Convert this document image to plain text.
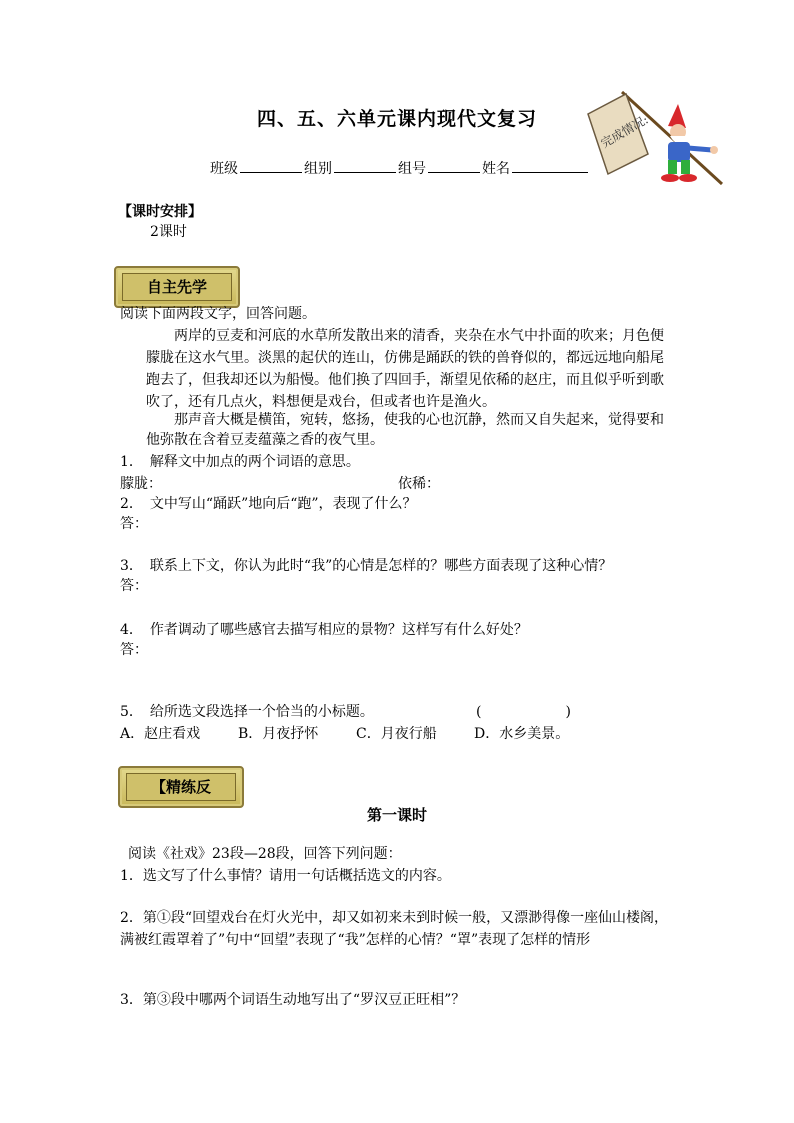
四、五、六单元课内现代文复习
班级	组别	组号	姓名
完成情况:
【课时安排】
2课时
自主先学
阅读下面两段文字，回答问题。
　　两岸的豆麦和河底的水草所发散出来的清香，夹杂在水气中扑面的吹来；月色便
朦胧在这水气里。淡黑的起伏的连山，仿佛是踊跃的铁的兽脊似的，都远远地向船尾
跑去了，但我却还以为船慢。他们换了四回手，渐望见依稀的赵庄，而且似乎听到歌
吹了，还有几点火，料想便是戏台，但或者也许是渔火。
　　那声音大概是横笛，宛转，悠扬，使我的心也沉静，然而又自失起来，觉得要和
他弥散在含着豆麦蕴藻之香的夜气里。
1．　解释文中加点的两个词语的意思。
朦胧：	依稀：
2．　文中写山“踊跃”地向后“跑”，表现了什么？
答：
3．　联系上下文，你认为此时“我”的心情是怎样的？哪些方面表现了这种心情？
答：
4．　作者调动了哪些感官去描写相应的景物？这样写有什么好处？
答：
5．　给所选文段选择一个恰当的小标题。	(　　　　　　)
A．赵庄看戏	B．月夜抒怀	C．月夜行船	D．水乡美景。
【精练反
第一课时
阅读《社戏》23段—28段，回答下列问题：
1．选文写了什么事情？请用一句话概括选文的内容。
2．第①段“回望戏台在灯火光中，却又如初来未到时候一般，又漂渺得像一座仙山楼阁，
满被红霞罩着了”句中“回望”表现了“我”怎样的心情？“罩”表现了怎样的情形
3．第③段中哪两个词语生动地写出了“罗汉豆正旺相”？
